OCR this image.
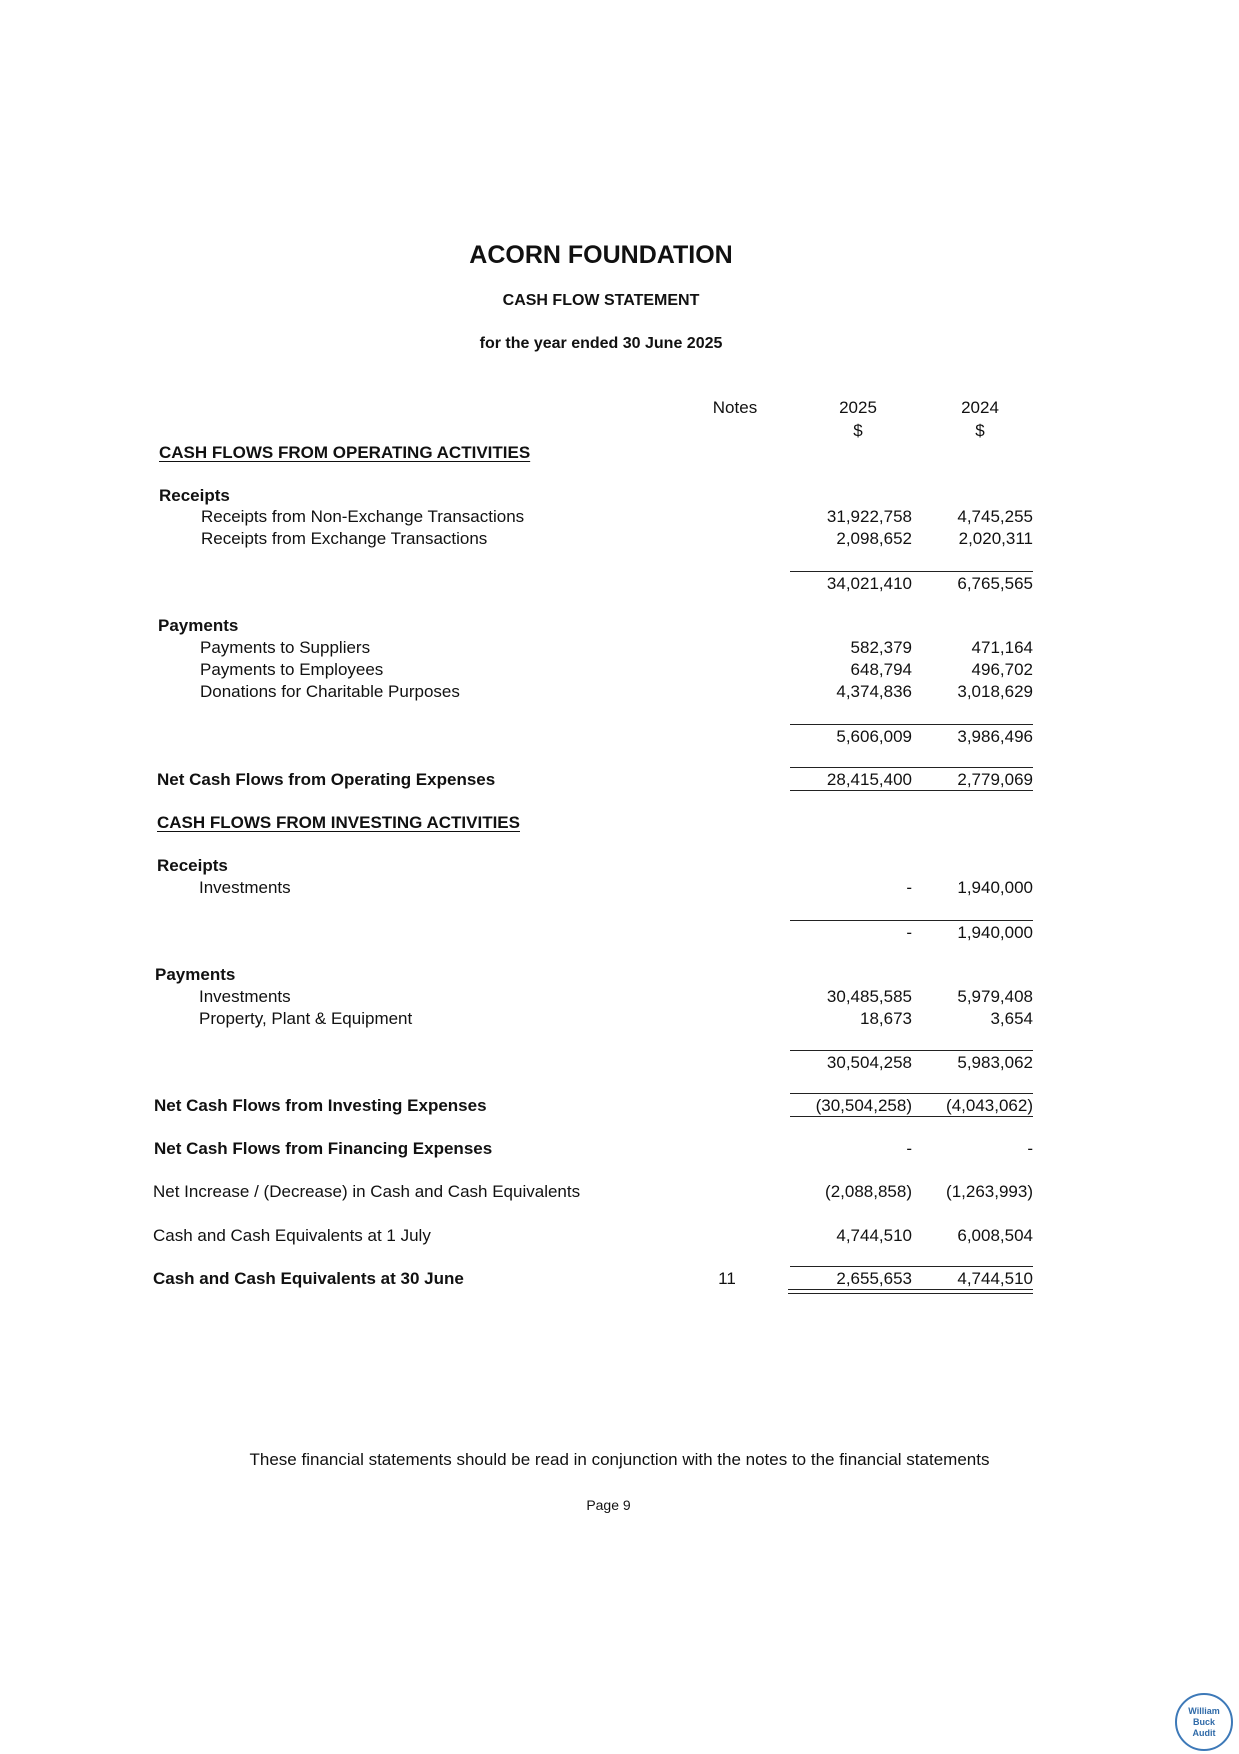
ACORN FOUNDATION
CASH FLOW STATEMENT
for the year ended 30 June 2025
Notes	2025	2024
$	$
CASH FLOWS FROM OPERATING ACTIVITIES
Receipts
Receipts from Non-Exchange Transactions	31,922,758	4,745,255
Receipts from Exchange Transactions	2,098,652	2,020,311
34,021,410	6,765,565
Payments
Payments to Suppliers	582,379	471,164
Payments to Employees	648,794	496,702
Donations for Charitable Purposes	4,374,836	3,018,629
5,606,009	3,986,496
Net Cash Flows from Operating Expenses	28,415,400	2,779,069
CASH FLOWS FROM INVESTING ACTIVITIES
Receipts
Investments	-	1,940,000
-	1,940,000
Payments
Investments	30,485,585	5,979,408
Property, Plant & Equipment	18,673	3,654
30,504,258	5,983,062
Net Cash Flows from Investing Expenses	(30,504,258)	(4,043,062)
Net Cash Flows from Financing Expenses	-	-
Net Increase / (Decrease) in Cash and Cash Equivalents	(2,088,858)	(1,263,993)
Cash and Cash Equivalents at 1 July	4,744,510	6,008,504
Cash and Cash Equivalents at 30 June	11	2,655,653	4,744,510
These financial statements should be read in conjunction with the notes to the financial statements
Page 9
William
Buck
Audit
